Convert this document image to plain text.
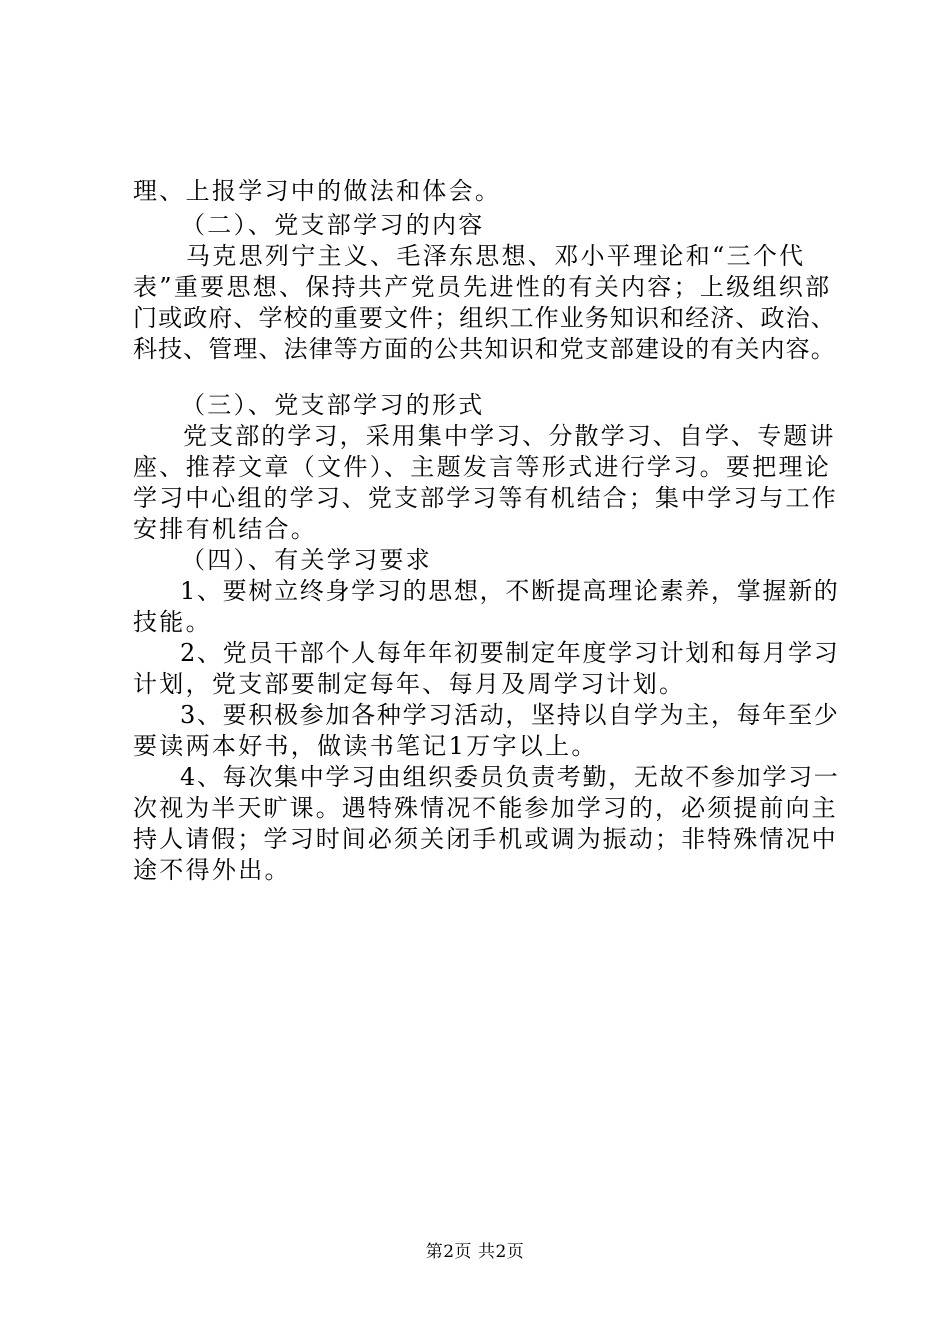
理、上报学习中的做法和体会。
（二）、党支部学习的内容
马克思列宁主义、毛泽东思想、邓小平理论和“三个代
表”重要思想、保持共产党员先进性的有关内容；上级组织部
门或政府、学校的重要文件；组织工作业务知识和经济、政治、
科技、管理、法律等方面的公共知识和党支部建设的有关内容。
（三）、党支部学习的形式
党支部的学习，采用集中学习、分散学习、自学、专题讲
座、推荐文章（文件）、主题发言等形式进行学习。要把理论
学习中心组的学习、党支部学习等有机结合；集中学习与工作
安排有机结合。
（四）、有关学习要求
1、要树立终身学习的思想，不断提高理论素养，掌握新的
技能。
2、党员干部个人每年年初要制定年度学习计划和每月学习
计划，党支部要制定每年、每月及周学习计划。
3、要积极参加各种学习活动，坚持以自学为主，每年至少
要读两本好书，做读书笔记1万字以上。
4、每次集中学习由组织委员负责考勤，无故不参加学习一
次视为半天旷课。遇特殊情况不能参加学习的，必须提前向主
持人请假；学习时间必须关闭手机或调为振动；非特殊情况中
途不得外出。
第2页 共2页
